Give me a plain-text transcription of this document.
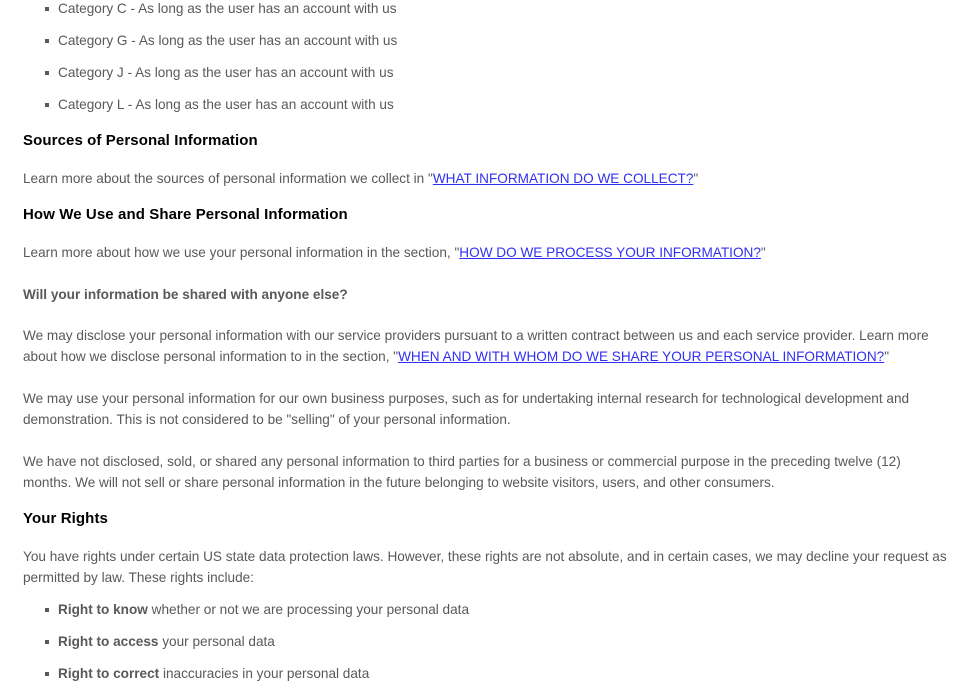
Category C - As long as the user has an account with us
Category G - As long as the user has an account with us
Category J - As long as the user has an account with us
Category L - As long as the user has an account with us
Sources of Personal Information

Learn more about the sources of personal information we collect in "WHAT INFORMATION DO WE COLLECT?"

How We Use and Share Personal Information

Learn more about how we use your personal information in the section, "HOW DO WE PROCESS YOUR INFORMATION?"

Will your information be shared with anyone else?

We may disclose your personal information with our service providers pursuant to a written contract between us and each service provider. Learn more about how we disclose personal information to in the section, "WHEN AND WITH WHOM DO WE SHARE YOUR PERSONAL INFORMATION?"

We may use your personal information for our own business purposes, such as for undertaking internal research for technological development and demonstration. This is not considered to be "selling" of your personal information.

We have not disclosed, sold, or shared any personal information to third parties for a business or commercial purpose in the preceding twelve (12) months. We will not sell or share personal information in the future belonging to website visitors, users, and other consumers.

Your Rights

You have rights under certain US state data protection laws. However, these rights are not absolute, and in certain cases, we may decline your request as permitted by law. These rights include:

Right to know whether or not we are processing your personal data
Right to access your personal data
Right to correct inaccuracies in your personal data
